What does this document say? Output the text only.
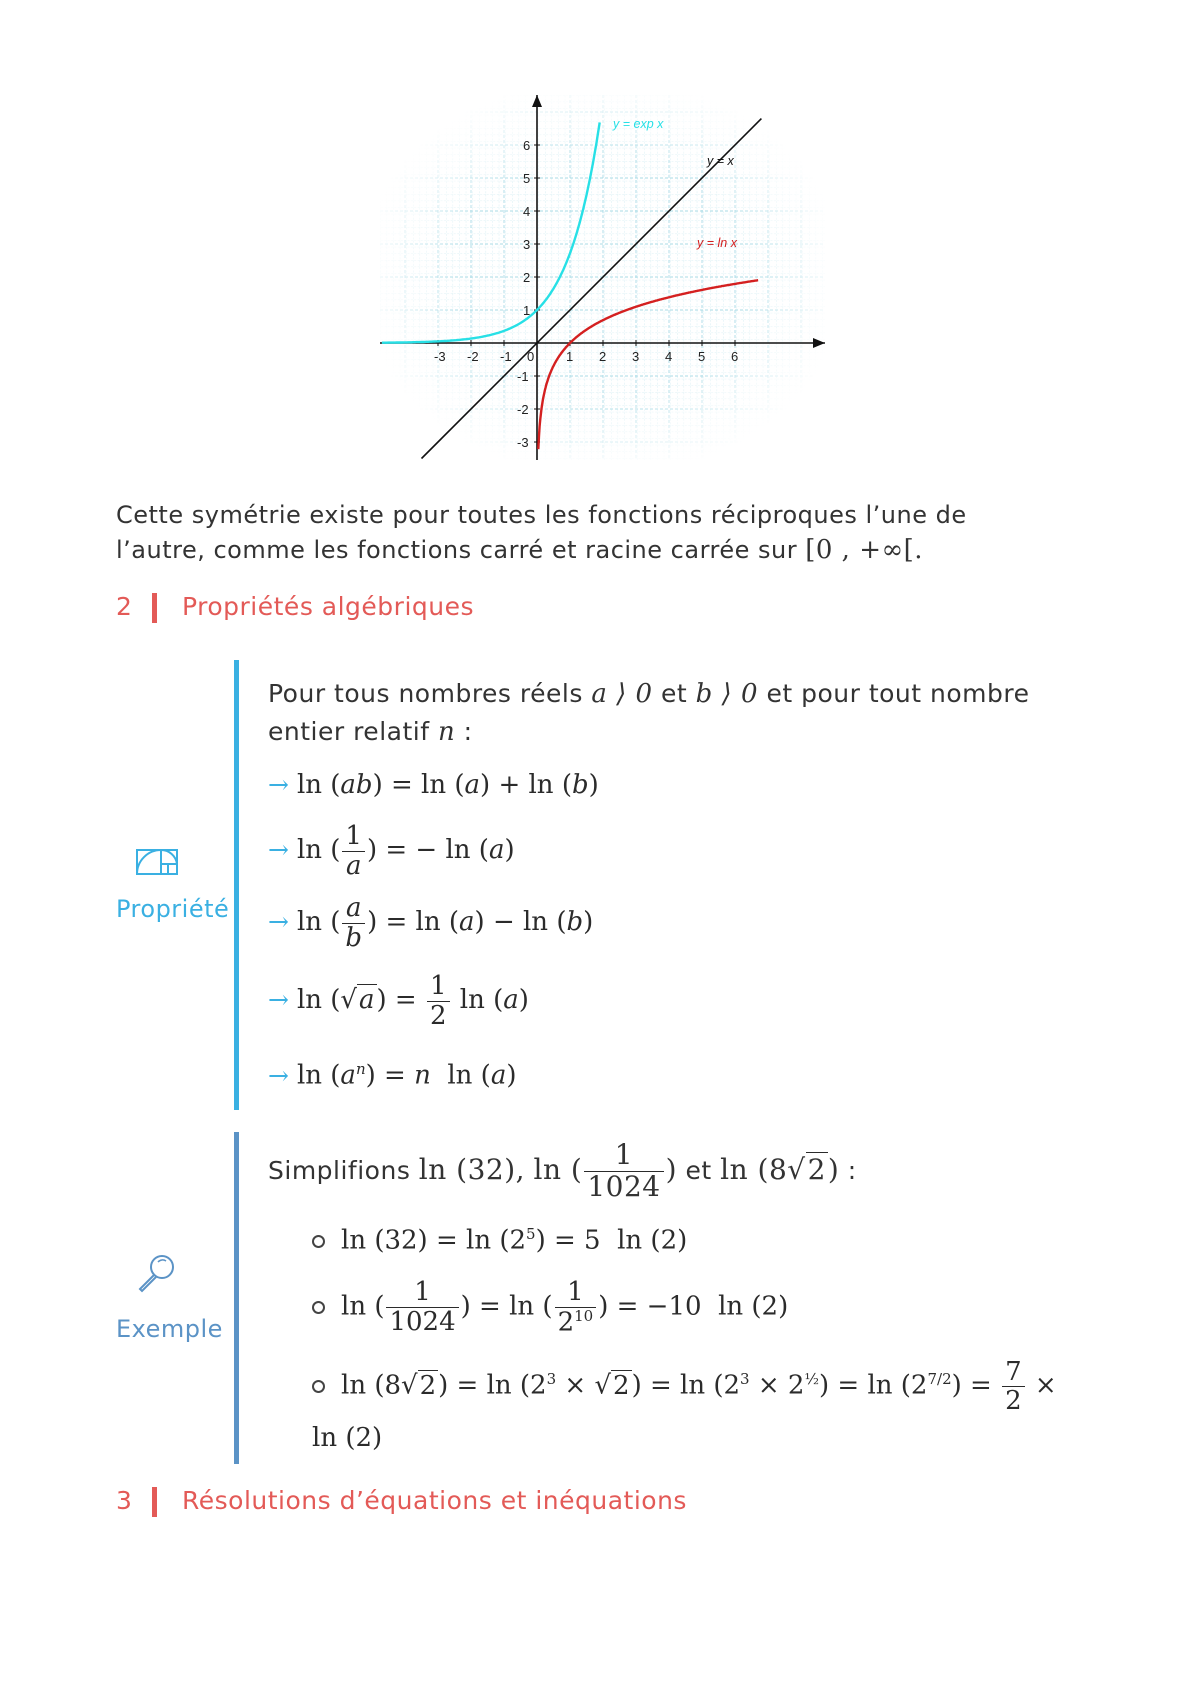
-3 -2 -1 0 1 2 3 4 5 6
6
5
4
3
2
1
-1
-2
-3
y = exp x
y = x
y = ln x
Cette symétrie existe pour toutes les fonctions réciproques l’une de
l’autre, comme les fonctions carré et racine carrée sur [0 , +∞[.
2 Propriétés algébriques
Propriété
Pour tous nombres réels a ⟩ 0 et b ⟩ 0 et pour tout nombre
entier relatif n :
→ ln (ab) = ln (a) + ln (b)
→ ln ( $\frac{1}{a}$ ) = − ln (a)
→ ln ( $\frac{a}{b}$ ) = ln (a) − ln (b)
→ $\ln (√a) = \frac{1}{2}$ ln (a)
→ $\ln (a^n) = n$  ln (a)
Exemple
Simplifions ln (32), ln ( $\frac{1}{1024}$ ) et ln (8√2) :
$\ln (32) = \ln (2^5) = 5$  ln (2)
ln ( $\frac{1}{1024}$ ) = ln ( $\frac{1}{2^{10}}$ ) = −10  ln (2)
$\ln (8√2) = \ln (2^3 \times √2) = \ln (2^3 \times 2^{\frac{1}{2}}) = \ln (2^{7/2}) = \frac{7}{2}$ ×
ln (2)
3 Résolutions d’équations et inéquations
